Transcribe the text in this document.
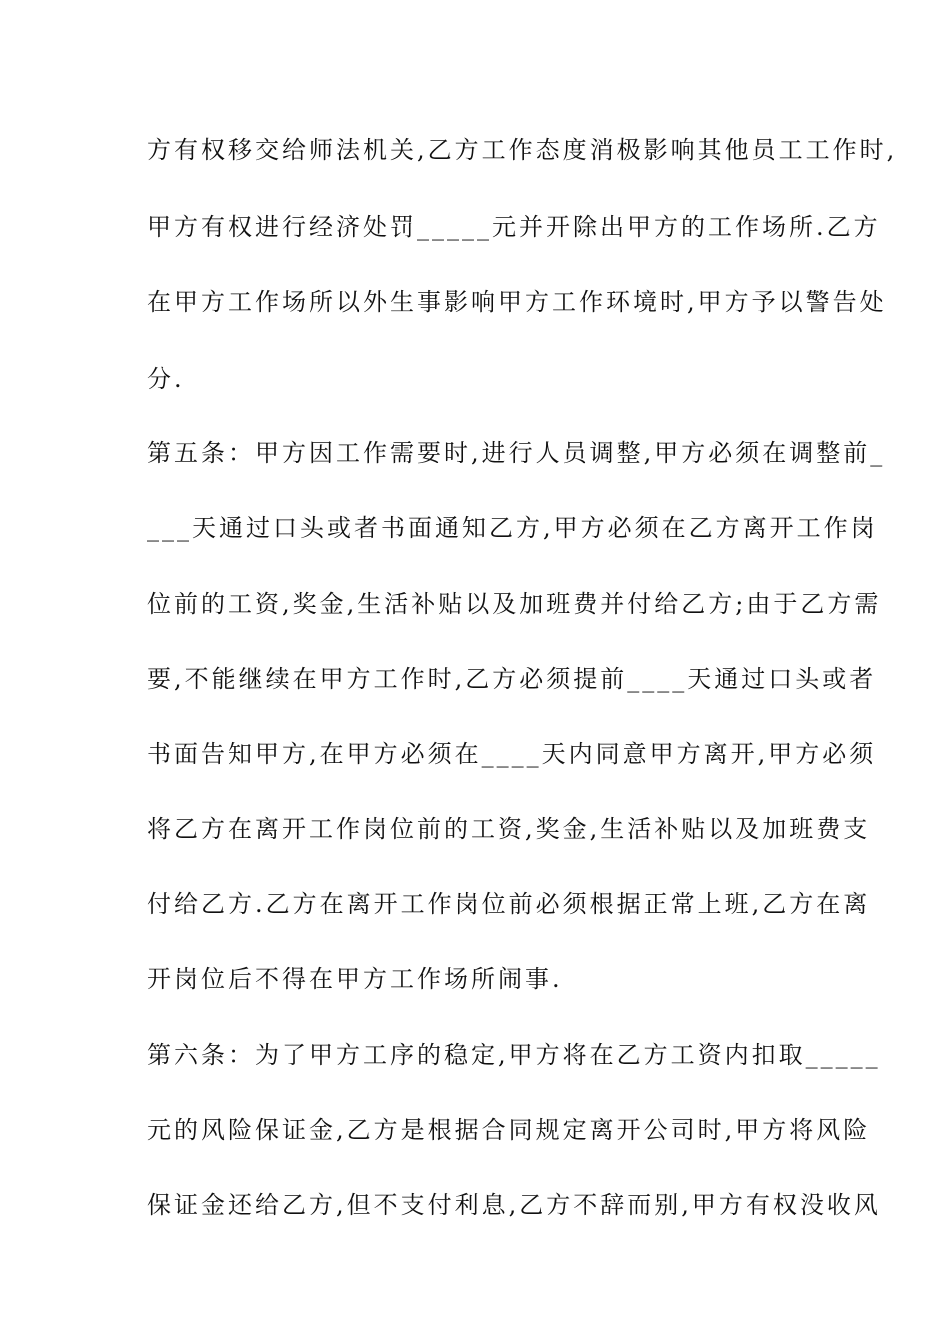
方有权移交给师法机关,乙方工作态度消极影响其他员工工作时,
甲方有权进行经济处罚_____元并开除出甲方的工作场所.乙方
在甲方工作场所以外生事影响甲方工作环境时,甲方予以警告处
分.
第五条：甲方因工作需要时,进行人员调整,甲方必须在调整前_
___天通过口头或者书面通知乙方,甲方必须在乙方离开工作岗
位前的工资,奖金,生活补贴以及加班费并付给乙方;由于乙方需
要,不能继续在甲方工作时,乙方必须提前____天通过口头或者
书面告知甲方,在甲方必须在____天内同意甲方离开,甲方必须
将乙方在离开工作岗位前的工资,奖金,生活补贴以及加班费支
付给乙方.乙方在离开工作岗位前必须根据正常上班,乙方在离
开岗位后不得在甲方工作场所闹事.
第六条：为了甲方工序的稳定,甲方将在乙方工资内扣取_____
元的风险保证金,乙方是根据合同规定离开公司时,甲方将风险
保证金还给乙方,但不支付利息,乙方不辞而别,甲方有权没收风
